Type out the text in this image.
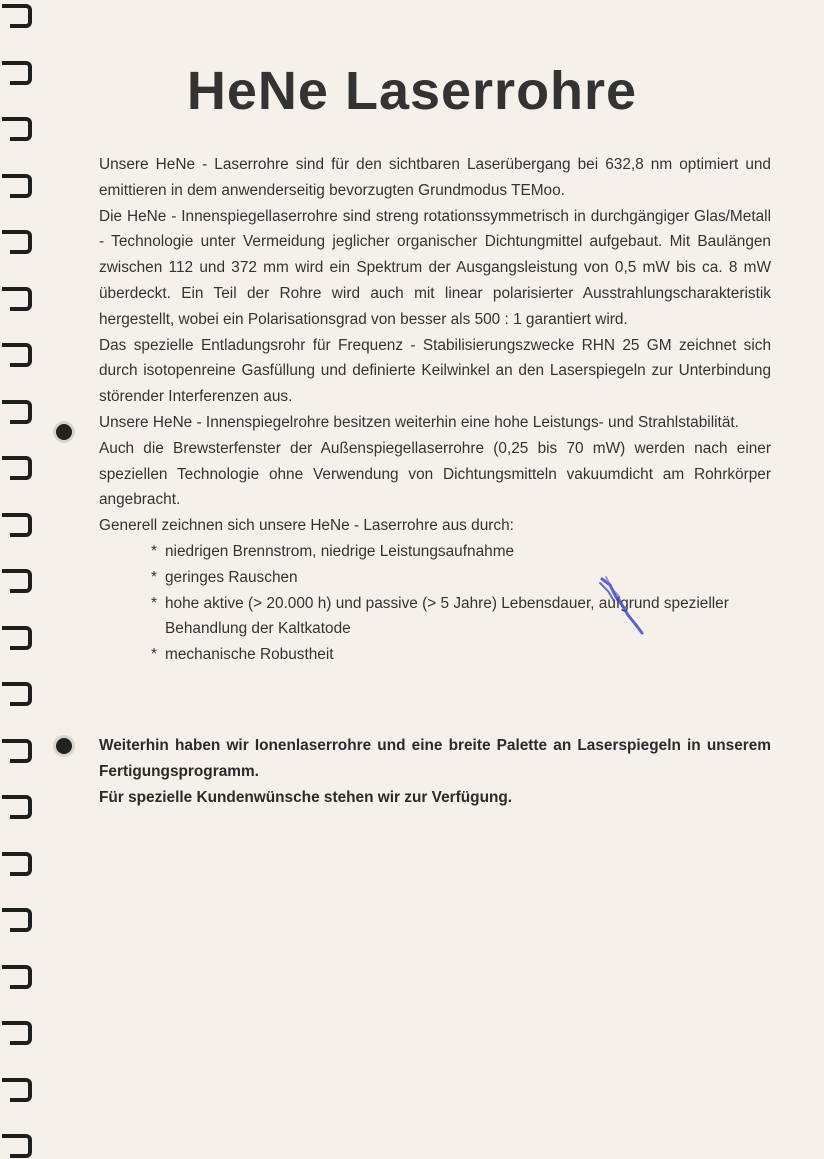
HeNe Laserrohre

Unsere HeNe - Laserrohre sind für den sichtbaren Laserübergang bei 632,8 nm optimiert und emittieren in dem anwenderseitig bevorzugten Grundmodus TEMoo.

Die HeNe - Innenspiegellaserrohre sind streng rotationssymmetrisch in durchgängiger Glas/Metall - Technologie unter Vermeidung jeglicher organischer Dichtungmittel aufgebaut. Mit Baulängen zwischen 112 und 372 mm wird ein Spektrum der Ausgangsleistung von 0,5 mW bis ca. 8 mW überdeckt. Ein Teil der Rohre wird auch mit linear polarisierter Ausstrahlungscharakteristik hergestellt, wobei ein Polarisationsgrad von besser als 500 : 1 garantiert wird.

Das spezielle Entladungsrohr für Frequenz - Stabilisierungszwecke RHN 25 GM zeichnet sich durch isotopenreine Gasfüllung und definierte Keilwinkel an den Laserspiegeln zur Unterbindung störender Interferenzen aus.

Unsere HeNe - Innenspiegelrohre besitzen weiterhin eine hohe Leistungs- und Strahlstabilität.

Auch die Brewsterfenster der Außenspiegellaserrohre (0,25 bis 70 mW) werden nach einer speziellen Technologie ohne Verwendung von Dichtungsmitteln vakuumdicht am Rohrkörper angebracht.

Generell zeichnen sich unsere HeNe - Laserrohre aus durch:

* niedrigen Brennstrom, niedrige Leistungsaufnahme
* geringes Rauschen
* hohe aktive (> 20.000 h) und passive (> 5 Jahre) Lebensdauer, aufgrund spezieller Behandlung der Kaltkatode
* mechanische Robustheit

Weiterhin haben wir Ionenlaserrohre und eine breite Palette an Laserspiegeln in unserem Fertigungsprogramm.

Für spezielle Kundenwünsche stehen wir zur Verfügung.
